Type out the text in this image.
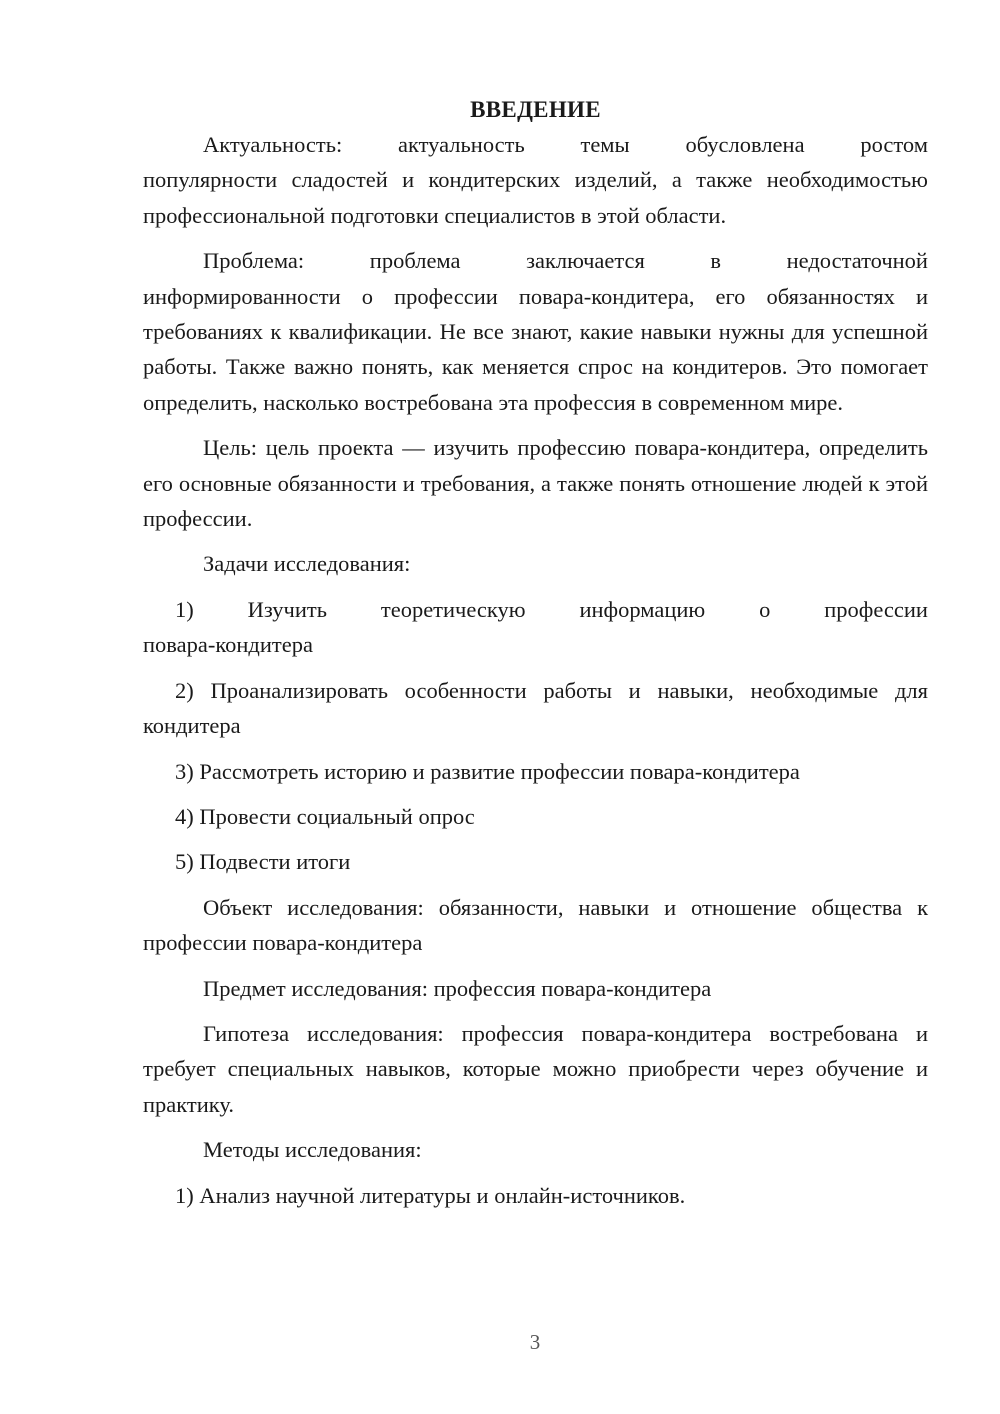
ВВЕДЕНИЕ
Актуальность: актуальность темы обусловлена ростом
популярности сладостей и кондитерских изделий, а также необходимостью профессиональной подготовки специалистов в этой области.
Проблема:	проблема	заключается	в	недостаточной
информированности о профессии повара-кондитера, его обязанностях и требованиях к квалификации. Не все знают, какие навыки нужны для успешной работы. Также важно понять, как меняется спрос на кондитеров. Это помогает определить, насколько востребована эта профессия в современном мире.
Цель: цель проекта — изучить профессию повара-кондитера, определить его основные обязанности и требования, а также понять отношение людей к этой профессии.
Задачи исследования:
1) Изучить теоретическую информацию о профессии
повара-кондитера
2) Проанализировать особенности работы и навыки, необходимые для кондитера
3) Рассмотреть историю и развитие профессии повара-кондитера
4) Провести социальный опрос
5) Подвести итоги
Объект исследования: обязанности, навыки и отношение общества к профессии повара-кондитера
Предмет исследования: профессия повара-кондитера
Гипотеза исследования: профессия повара-кондитера востребована и требует специальных навыков, которые можно приобрести через обучение и практику.
Методы исследования:
1) Анализ научной литературы и онлайн-источников.
3
